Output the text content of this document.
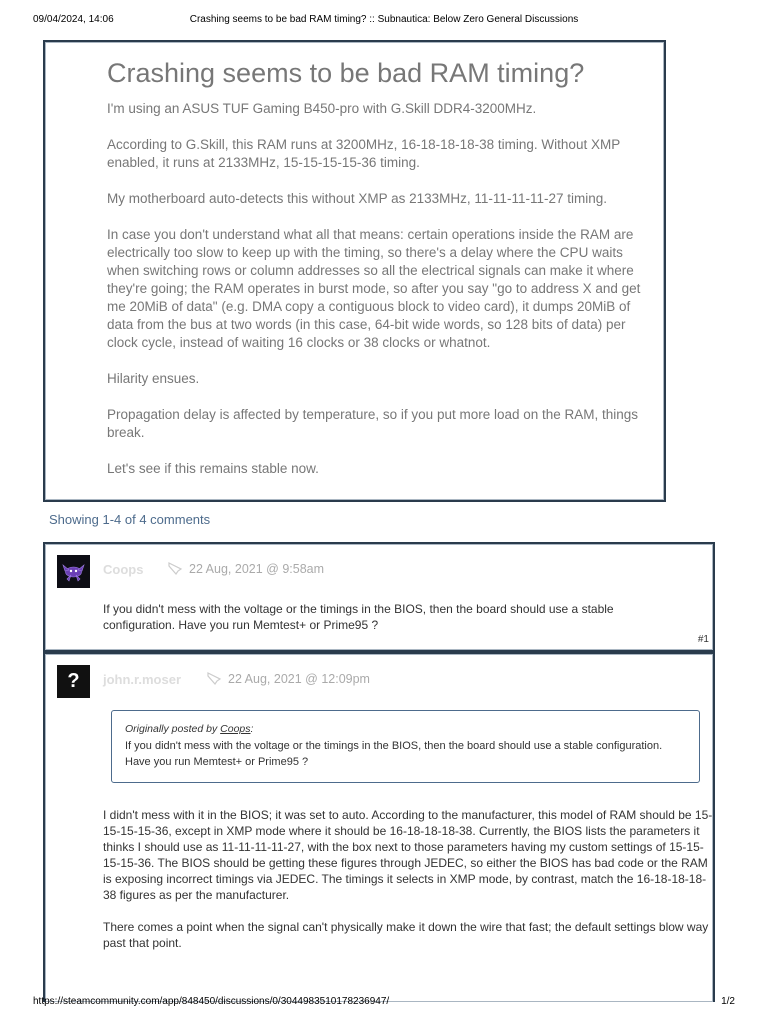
09/04/2024, 14:06	Crashing seems to be bad RAM timing? :: Subnautica: Below Zero General Discussions
Crashing seems to be bad RAM timing?

I'm using an ASUS TUF Gaming B450-pro with G.Skill DDR4-3200MHz.

According to G.Skill, this RAM runs at 3200MHz, 16-18-18-18-38 timing. Without XMP enabled, it runs at 2133MHz, 15-15-15-15-36 timing.

My motherboard auto-detects this without XMP as 2133MHz, 11-11-11-11-27 timing.

In case you don't understand what all that means: certain operations inside the RAM are electrically too slow to keep up with the timing, so there's a delay where the CPU waits when switching rows or column addresses so all the electrical signals can make it where they're going; the RAM operates in burst mode, so after you say "go to address X and get me 20MiB of data" (e.g. DMA copy a contiguous block to video card), it dumps 20MiB of data from the bus at two words (in this case, 64-bit wide words, so 128 bits of data) per clock cycle, instead of waiting 16 clocks or 38 clocks or whatnot.

Hilarity ensues.

Propagation delay is affected by temperature, so if you put more load on the RAM, things break.

Let's see if this remains stable now.

Showing 1-4 of 4 comments
Coops	22 Aug, 2021 @ 9:58am

If you didn't mess with the voltage or the timings in the BIOS, then the board should use a stable configuration. Have you run Memtest+ or Prime95 ?

#1
?	john.r.moser	22 Aug, 2021 @ 12:09pm
Originally posted by Coops:
If you didn't mess with the voltage or the timings in the BIOS, then the board should use a stable configuration. Have you run Memtest+ or Prime95 ?

I didn't mess with it in the BIOS; it was set to auto. According to the manufacturer, this model of RAM should be 15-15-15-15-36, except in XMP mode where it should be 16-18-18-18-38. Currently, the BIOS lists the parameters it thinks I should use as 11-11-11-11-27, with the box next to those parameters having my custom settings of 15-15-15-15-36. The BIOS should be getting these figures through JEDEC, so either the BIOS has bad code or the RAM is exposing incorrect timings via JEDEC. The timings it selects in XMP mode, by contrast, match the 16-18-18-18-38 figures as per the manufacturer.

There comes a point when the signal can't physically make it down the wire that fast; the default settings blow way past that point.

https://steamcommunity.com/app/848450/discussions/0/3044983510178236947/	1/2
